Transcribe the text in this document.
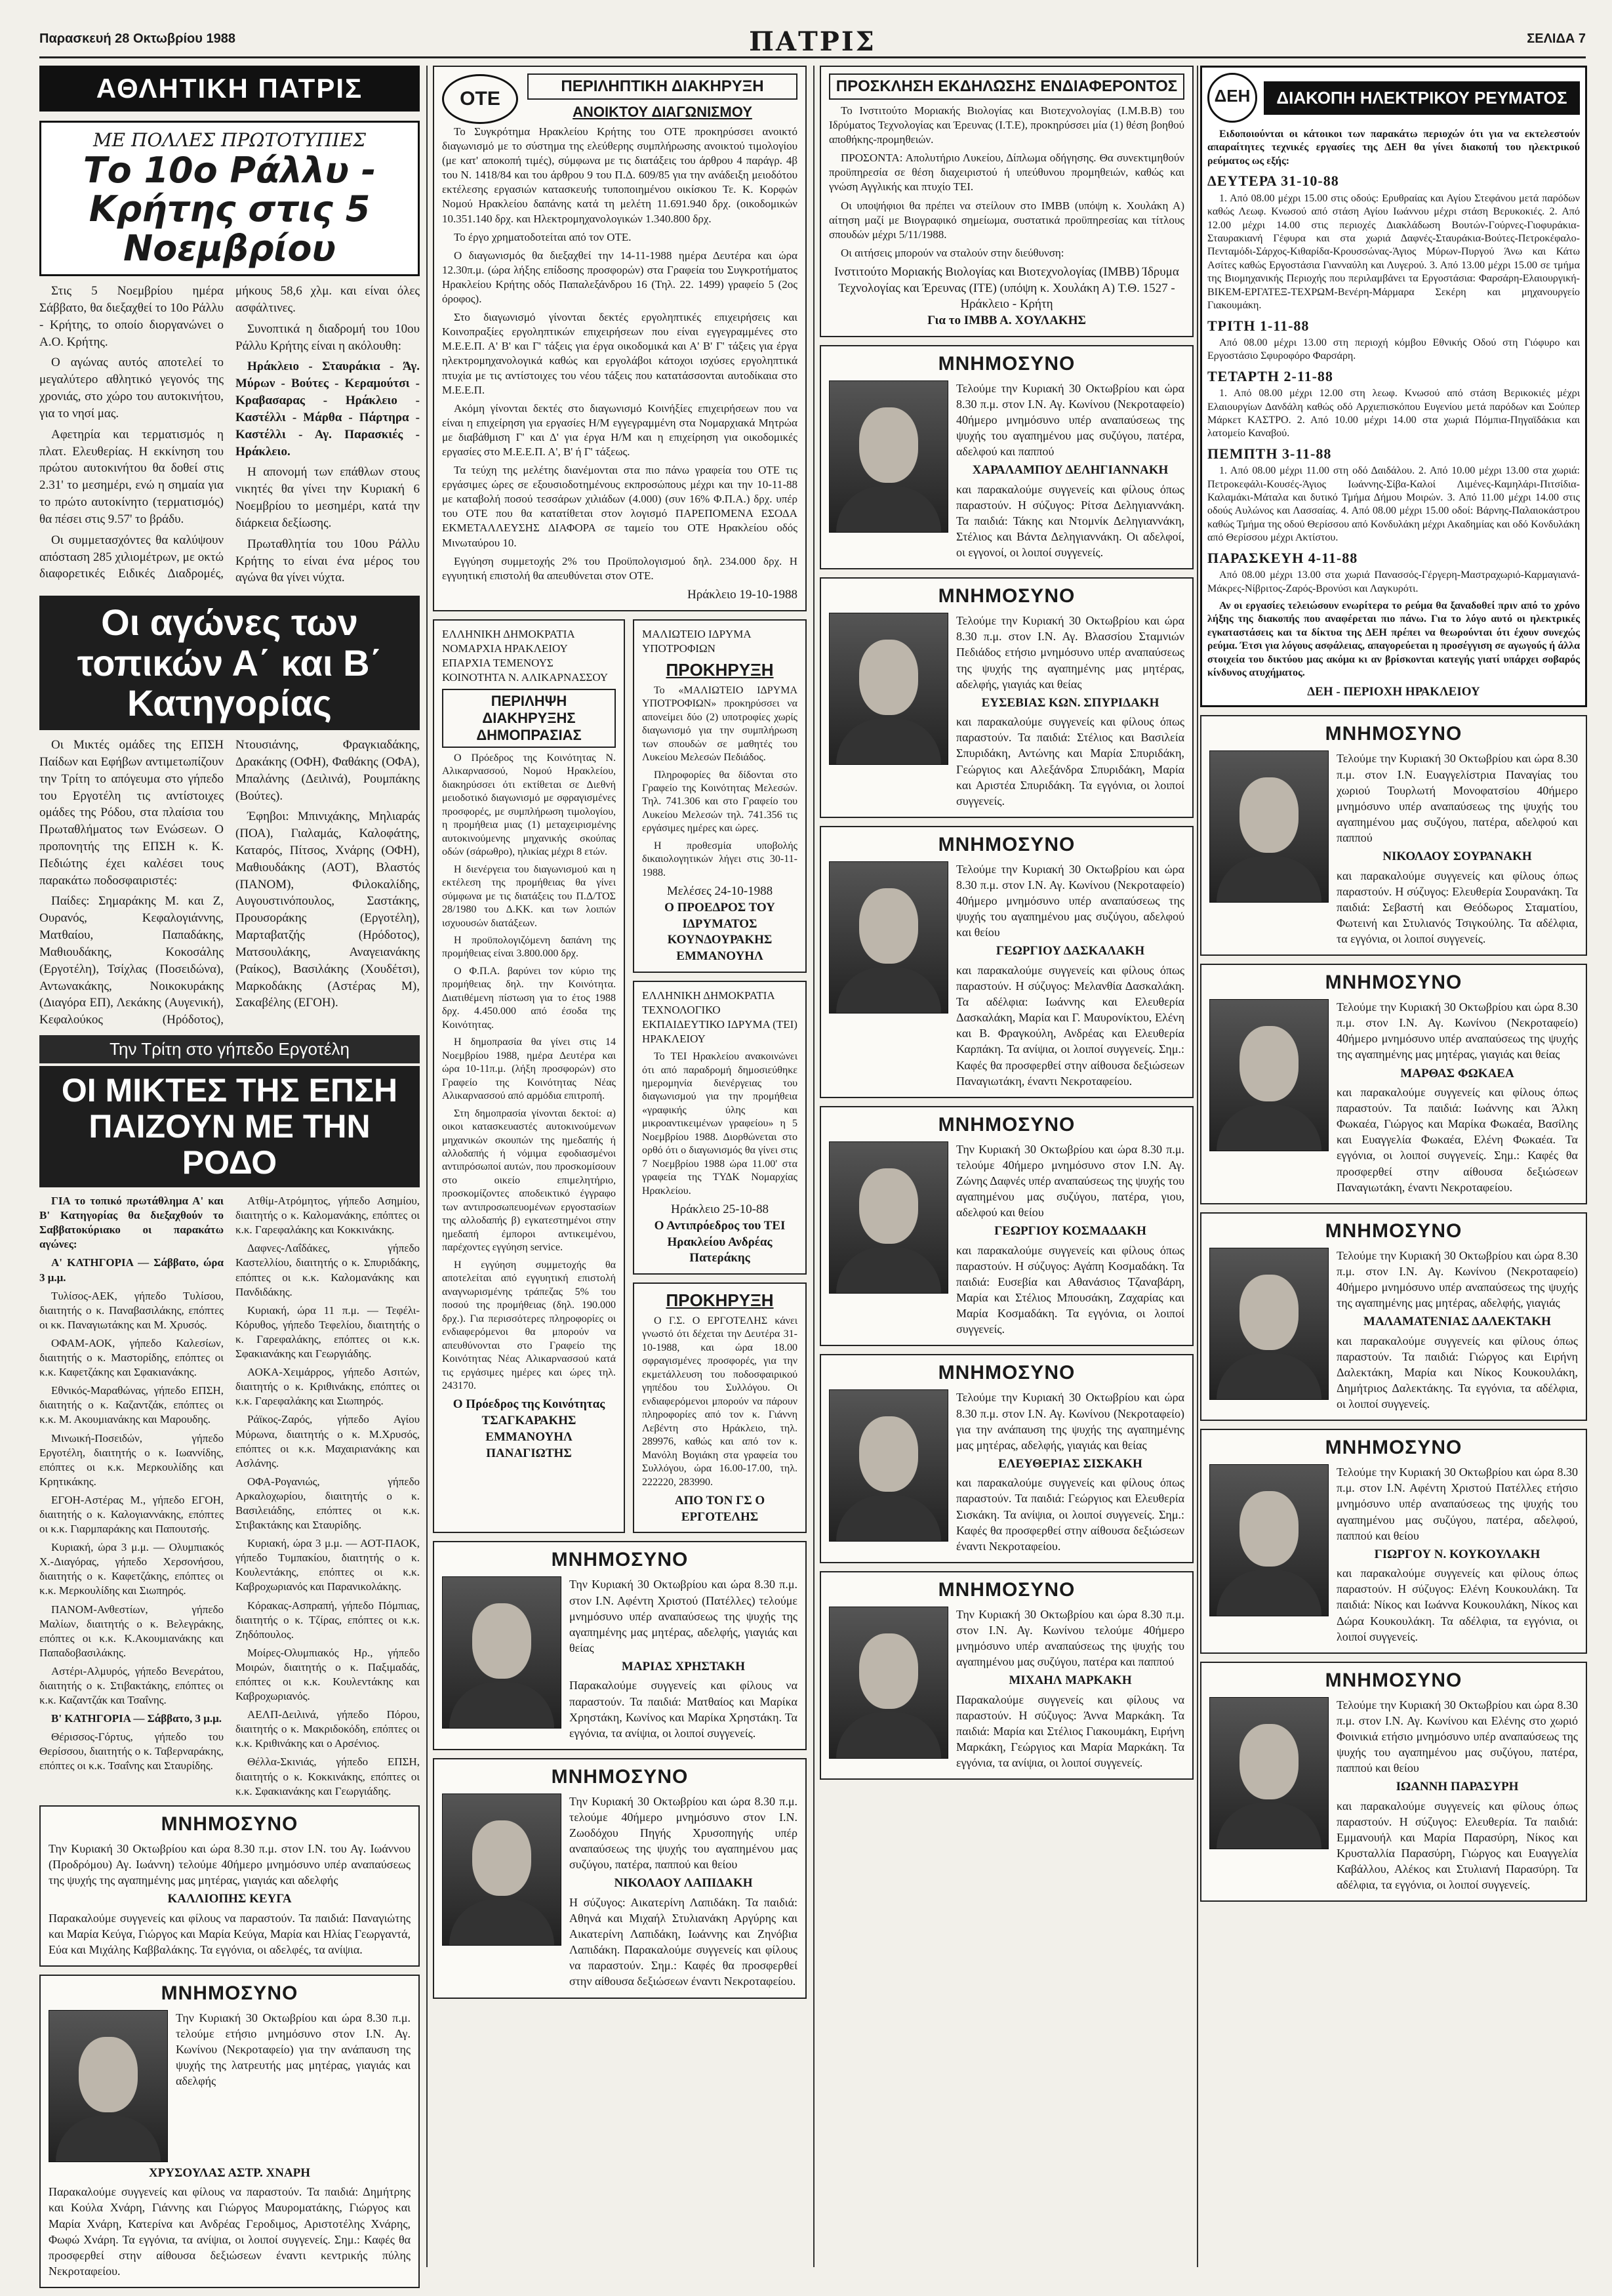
Παρασκευή 28 Οκτωβρίου 1988	ΠΑΤΡΙΣ	ΣΕΛΙΔΑ 7
ΑΘΛΗΤΙΚΗ ΠΑΤΡΙΣ
ΜΕ ΠΟΛΛΕΣ ΠΡΩΤΟΤΥΠΙΕΣ
Το 10ο Ράλλυ - Κρήτης στις 5 Νοεμβρίου

Στις 5 Νοεμβρίου ημέρα Σάββατο, θα διεξαχθεί το 10ο Ράλλυ - Κρήτης, το οποίο διοργανώνει ο Α.Ο. Κρήτης.

Ο αγώνας αυτός αποτελεί το μεγαλύτερο αθλητικό γεγονός της χρονιάς, στο χώρο του αυτοκινήτου, για το νησί μας.

Αφετηρία και τερματισμός η πλατ. Ελευθερίας. Η εκκίνηση του πρώτου αυτοκινήτου θα δοθεί στις 2.31' το μεσημέρι, ενώ η σημαία για το πρώτο αυτοκίνητο (τερματισμός) θα πέσει στις 9.57' το βράδυ.

Οι συμμετασχόντες θα καλύψουν απόσταση 285 χιλιομέτρων, με οκτώ διαφορετικές Ειδικές Διαδρομές, μήκους 58,6 χλμ. και είναι όλες ασφάλτινες.

Συνοπτικά η διαδρομή του 10ου Ράλλυ Κρήτης είναι η ακόλουθη:

Ηράκλειο - Σταυράκια - Άγ. Μύρων - Βούτες - Κεραμούτσι - Κραβασαρας - Ηράκλειο - Καστέλλι - Μάρθα - Πάρτηρα - Καστέλλι - Αγ. Παρασκιές - Ηράκλειο.

Η απονομή των επάθλων στους νικητές θα γίνει την Κυριακή 6 Νοεμβρίου το μεσημέρι, κατά την διάρκεια δεξίωσης.

Πρωταθλητία του 10ου Ράλλυ Κρήτης το είναι ένα μέρος του αγώνα θα γίνει νύχτα.

Οι αγώνες των τοπικών Α΄ και Β΄ Κατηγορίας

Οι Μικτές ομάδες της ΕΠΣΗ Παίδων και Εφήβων αντιμετωπίζουν την Τρίτη το απόγευμα στο γήπεδο του Εργοτέλη τις αντίστοιχες ομάδες της Ρόδου, στα πλαίσια του Πρωταθλήματος των Ενώσεων. Ο προπονητής της ΕΠΣΗ κ. Κ. Πεδιώτης έχει καλέσει τους παρακάτω ποδοσφαιριστές:

Παίδες: Σημαράκης Μ. και Ζ, Ουρανός, Κεφαλογιάννης, Ματθαίου, Παπαδάκης, Μαθιουδάκης, Κοκοσάλης (Εργοτέλη), Τσίχλας (Ποσειδώνα), Αντωνακάκης, Νοικοκυράκης (Διαγόρα ΕΠ), Λεκάκης (Αυγενική), Κεφαλούκος (Ηρόδοτος), Ντουσιάνης, Φραγκιαδάκης, Δρακάκης (ΟΦΗ), Φαθάκης (ΟΦΑ), Μπαλάνης (Δειλινά), Ρουμπάκης (Βούτες).

Έφηβοι: Μπινιχάκης, Μηλιαράς (ΠΟΑ), Γιαλαμάς, Καλοφάτης, Καταρός, Πίτσος, Χνάρης (ΟΦΗ), Μαθιουδάκης (ΑΟΤ), Βλαστός (ΠΑΝΟΜ), Φιλοκαλίδης, Αυγουστινόπουλος, Σαστάκης, Προυσοράκης (Εργοτέλη), Μαρταβατζής (Ηρόδοτος), Ματσουλάκης, Αναγειανάκης (Ραίκος), Βασιλάκης (Χουδέτσι), Μαρκοδάκης (Αστέρας Μ), Σακαβέλης (ΕΓΟΗ).

Την Τρίτη στο γήπεδο Εργοτέλη
ΟΙ ΜΙΚΤΕΣ ΤΗΣ ΕΠΣΗ ΠΑΙΖΟΥΝ ΜΕ ΤΗΝ ΡΟΔΟ

ΓΙΑ το τοπικό πρωτάθλημα Α' και Β' Κατηγορίας θα διεξαχθούν το Σαββατοκύριακο οι παρακάτω αγώνες:

Α' ΚΑΤΗΓΟΡΙΑ — Σάββατο, ώρα 3 μ.μ.

Τυλίσος-ΑΕΚ, γήπεδο Τυλίσου, διαιτητής ο κ. Παναβασιλάκης, επόπτες οι κκ. Παναγιωτάκης και Μ. Χρυσός.

ΟΦΑΜ-ΑΟΚ, γήπεδο Καλεσίων, διαιτητής ο κ. Μαστορίδης, επόπτες οι κ.κ. Καφετζάκης και Σφακιανάκης.

Εθνικός-Μαραθώνας, γήπεδο ΕΠΣΗ, διαιτητής ο κ. Καζαντζάκ, επόπτες οι κ.κ. Μ. Ακουμιανάκης και Μαρουδης.

Μινωική-Ποσειδών, γήπεδο Εργοτέλη, διαιτητής ο κ. Ιωαννίδης, επόπτες οι κ.κ. Μερκουλίδης και Κρητικάκης.

ΕΓΟΗ-Αστέρας Μ., γήπεδο ΕΓΟΗ, διαιτητής ο κ. Καλογιαννάκης, επόπτες οι κ.κ. Γιαρμπαράκης και Παπουτσής.

Κυριακή, ώρα 3 μ.μ. — Ολυμπιακός Χ.-Διαγόρας, γήπεδο Χερσονήσου, διαιτητής ο κ. Καφετζάκης, επόπτες οι κ.κ. Μερκουλίδης και Σιωπηρός.

ΠΑΝΟΜ-Ανθεστίων, γήπεδο Μαλίων, διαιτητής ο κ. Βελεγράκης, επόπτες οι κ.κ. Κ.Ακουμιανάκης και Παπαδοβασιλάκης.

Αστέρι-Αλμυρός, γήπεδο Βενεράτου, διαιτητής ο κ. Στιβακτάκης, επόπτες οι κ.κ. Καζαντζάκ και Τσαΐνης.

Β' ΚΑΤΗΓΟΡΙΑ — Σάββατο, 3 μ.μ.

Θέρισσος-Γόρτυς, γήπεδο του Θερίσσου, διαιτητής ο κ. Ταβερναράκης, επόπτες οι κ.κ. Τσαΐνης και Σταυρίδης.

Ατθίμ-Ατρόμητος, γήπεδο Ασημίου, διαιτητής ο κ. Καλομανάκης, επόπτες οι κ.κ. Γαρεφαλάκης και Κοκκινάκης.

Δαφνες-Λαΐδάκες, γήπεδο Καστελλίου, διαιτητής ο κ. Σπυριδάκης, επόπτες οι κ.κ. Καλομανάκης και Πανδιδάκης.

Κυριακή, ώρα 11 π.μ. — Τεφέλι-Κόρυθος, γήπεδο Τεφελίου, διαιτητής ο κ. Γαρεφαλάκης, επόπτες οι κ.κ. Σφακιανάκης και Γεωργιάδης.

ΑΟΚΑ-Χειμάρρος, γήπεδο Ασιτών, διαιτητής ο κ. Κριθινάκης, επόπτες οι κ.κ. Γαρεφαλάκης και Σιωπηρός.

Ράϊκος-Ζαρός, γήπεδο Αγίου Μύρωνα, διαιτητής ο κ. Μ.Χρυσός, επόπτες οι κ.κ. Μαχαιριανάκης και Ασλάνης.

ΟΦΑ-Ρογανιώς, γήπεδο Αρκαλοχωρίου, διαιτητής ο κ. Βασιλειάδης, επόπτες οι κ.κ. Στιβακτάκης και Σταυρίδης.

Κυριακή, ώρα 3 μ.μ. — ΑΟΤ-ΠΑΟΚ, γήπεδο Τυμπακίου, διαιτητής ο κ. Κουλεντάκης, επόπτες οι κ.κ. Καβροχωριανός και Παρανικολάκης.

Κόρακας-Ασπραπή, γήπεδο Πόμπιας, διαιτητής ο κ. Τζίρας, επόπτες οι κ.κ. Ζηδόπουλος.

Μοίρες-Ολυμπιακός Ηρ., γήπεδο Μοιρών, διαιτητής ο κ. Παξιμαδάς, επόπτες οι κ.κ. Κουλεντάκης και Καβροχωριανός.

ΑΕΛΠ-Δειλινά, γήπεδο Πόρου, διαιτητής ο κ. Μακριδοκόδη, επόπτες οι κ.κ. Κριθινάκης και ο Αρσένιος.

Θέλλα-Σκινιάς, γήπεδο ΕΠΣΗ, διαιτητής ο κ. Κοκκινάκης, επόπτες οι κ.κ. Σφακιανάκης και Γεωργιάδης.

ΜΝΗΜΟΣΥΝΟ

Την Κυριακή 30 Οκτωβρίου και ώρα 8.30 π.μ. στον Ι.Ν. του Αγ. Ιωάννου (Προδρόμου) Αγ. Ιωάννη) τελούμε 40ήμερο μνημόσυνο υπέρ αναπαύσεως της ψυχής της αγαπημένης μας μητέρας, γιαγιάς και αδελφής

ΚΑΛΛΙΟΠΗΣ ΚΕΥΓΑ

Παρακαλούμε συγγενείς και φίλους να παραστούν. Τα παιδιά: Παναγιώτης και Μαρία Κεύγα, Γιώργος και Μαρία Κεύγα, Μαρία και Ηλίας Γεωργαντά, Εύα και Μιχάλης Καββαλάκης. Τα εγγόνια, οι αδελφές, τα ανίψια.

ΜΝΗΜΟΣΥΝΟ

Την Κυριακή 30 Οκτωβρίου και ώρα 8.30 π.μ. τελούμε ετήσιο μνημόσυνο στον Ι.Ν. Αγ. Κωνίνου (Νεκροταφείο) για την ανάπαυση της ψυχής της λατρευτής μας μητέρας, γιαγιάς και αδελφής

ΧΡΥΣΟΥΛΑΣ ΑΣΤΡ. ΧΝΑΡΗ

Παρακαλούμε συγγενείς και φίλους να παραστούν. Τα παιδιά: Δημήτρης και Κούλα Χνάρη, Γιάννης και Γιώργος Μαυροματάκης, Γιώργος και Μαρία Χνάρη, Κατερίνα και Ανδρέας Γεροδιμος, Αριστοτέλης Χνάρης, Φωφώ Χνάρη. Τα εγγόνια, τα ανίψια, οι λοιποί συγγενείς. Σημ.: Καφές θα προσφερθεί στην αίθουσα δεξιώσεων έναντι κεντρικής πύλης Νεκροταφείου.

ΟΤΕ
ΠΕΡΙΛΗΠΤΙΚΗ ΔΙΑΚΗΡΥΞΗ
ΑΝΟΙΚΤΟΥ ΔΙΑΓΩΝΙΣΜΟΥ

Το Συγκρότημα Ηρακλείου Κρήτης του ΟΤΕ προκηρύσσει ανοικτό διαγωνισμό με το σύστημα της ελεύθερης συμπλήρωσης ανοικτού τιμολογίου (με κατ' αποκοπή τιμές), σύμφωνα με τις διατάξεις του άρθρου 4 παράγρ. 4β του Ν. 1418/84 και του άρθρου 9 του Π.Δ. 609/85 για την ανάδειξη μειοδότου εκτέλεσης εργασιών κατασκευής τυποποιημένου οικίσκου Τε. Κ. Κορφών Νομού Ηρακλείου δαπάνης κατά τη μελέτη 11.691.940 δρχ. (οικοδομικών 10.351.140 δρχ. και Ηλεκτρομηχανολογικών 1.340.800 δρχ.

Το έργο χρηματοδοτείται από τον ΟΤΕ.

Ο διαγωνισμός θα διεξαχθεί την 14-11-1988 ημέρα Δευτέρα και ώρα 12.30π.μ. (ώρα λήξης επίδοσης προσφορών) στα Γραφεία του Συγκροτήματος Ηρακλείου Κρήτης οδός Παπαλεξάνδρου 16 (Τηλ. 22. 1499) γραφείο 5 (2ος όροφος).

Στο διαγωνισμό γίνονται δεκτές εργοληπτικές επιχειρήσεις και Κοινοπραξίες εργοληπτικών επιχειρήσεων που είναι εγγεγραμμένες στο Μ.Ε.Ε.Π. Α' Β' και Γ' τάξεις για έργα οικοδομικά και Α' Β' Γ' τάξεις για έργα ηλεκτρομηχανολογικά καθώς και εργολάβοι κάτοχοι ισχύσες εργοληπτικά πτυχία με τις αντίστοιχες του νέου τάξεις που κατατάσσονται αυτοδίκαια στο Μ.Ε.Ε.Π.

Ακόμη γίνονται δεκτές στο διαγωνισμό Κοινήξίες επιχειρήσεων που να είναι η επιχείρηση για εργασίες Η/Μ εγγεγραμμένη στα Νομαρχιακά Μητρώα με διαβάθμιση Γ' και Δ' για έργα Η/Μ και η επιχείρηση για οικοδομικές εργασίες στο Μ.Ε.Ε.Π. Α', Β' ή Γ' τάξεως.

Τα τεύχη της μελέτης διανέμονται στα πιο πάνω γραφεία του ΟΤΕ τις εργάσιμες ώρες σε εξουσιοδοτημένους εκπροσώπους μέχρι και την 10-11-88 με καταβολή ποσού τεσσάρων χιλιάδων (4.000) (συν 16% Φ.Π.Α.) δρχ. υπέρ του ΟΤΕ που θα κατατίθεται στον λογισμό ΠΑΡΕΠΟΜΕΝΑ ΕΣΟΔΑ ΕΚΜΕΤΑΛΛΕΥΣΗΣ ΔΙΑΦΟΡΑ σε ταμείο του ΟΤΕ Ηρακλείου οδός Μινωταύρου 10.

Εγγύηση συμμετοχής 2% του Προϋπολογισμού δηλ. 234.000 δρχ. Η εγγυητική επιστολή θα απευθύνεται στον ΟΤΕ.

Ηράκλειο 19-10-1988
ΕΛΛΗΝΙΚΗ ΔΗΜΟΚΡΑΤΙΑ ΝΟΜΑΡΧΙΑ ΗΡΑΚΛΕΙΟΥ ΕΠΑΡΧΙΑ ΤΕΜΕΝΟΥΣ ΚΟΙΝΟΤΗΤΑ Ν. ΑΛΙΚΑΡΝΑΣΣΟΥ
ΠΕΡΙΛΗΨΗ ΔΙΑΚΗΡΥΞΗΣ ΔΗΜΟΠΡΑΣΙΑΣ

Ο Πρόεδρος της Κοινότητας Ν. Αλικαρνασσού, Νομού Ηρακλείου, διακηρύσσει ότι εκτίθεται σε Διεθνή μειοδοτικό διαγωνισμό με σφραγισμένες προσφορές, με συμπλήρωση τιμολογίου, η προμήθεια μιας (1) μεταχειρισμένης αυτοκινούμενης μηχανικής σκούπας οδών (σάρωθρο), ηλικίας μέχρι 8 ετών.

Η διενέργεια του διαγωνισμού και η εκτέλεση της προμήθειας θα γίνει σύμφωνα με τις διατάξεις του Π.Δ/ΤΟΣ 28/1980 του Δ.ΚΚ. και των λοιπών ισχυουσών διατάξεων.

Η προϋπολογιζόμενη δαπάνη της προμήθειας είναι 3.800.000 δρχ.

Ο Φ.Π.Α. βαρύνει τον κύριο της προμήθειας δηλ. την Κοινότητα. Διατιθέμενη πίστωση για το έτος 1988 δρχ. 4.450.000 από έσοδα της Κοινότητας.

Η δημοπρασία θα γίνει στις 14 Νοεμβρίου 1988, ημέρα Δευτέρα και ώρα 10-11π.μ. (λήξη προσφορών) στο Γραφείο της Κοινότητας Νέας Αλικαρνασσού από αρμόδια επιτροπή.

Στη δημοπρασία γίνονται δεκτοί: α) οικοι κατασκευαστές αυτοκινούμενων μηχανικών σκουπών της ημεδαπής ή αλλοδαπής ή νόμιμα εφοδιασμένοι αντιπρόσωποί αυτών, που προσκομίσουν στο οικείο επιμελητήριο, προσκομίζοντες αποδεικτικό έγγραφο των αντιπροσωπευομένων εργοστασίων της αλλοδαπής β) εγκατεστημένοι στην ημεδαπή έμποροι αντικειμένου, παρέχοντες εγγύηση service.

Η εγγύηση συμμετοχής θα αποτελείται από εγγυητική επιστολή αναγνωρισμένης τράπεζας 5% του ποσού της προμήθειας (δηλ. 190.000 δρχ.). Για περισσότερες πληροφορίες οι ενδιαφερόμενοι θα μπορούν να απευθύνονται στο Γραφείο της Κοινότητας Νέας Αλικαρνασσού κατά τις εργάσιμες ημέρες και ώρες τηλ. 243170.

Ο Πρόεδρος της Κοινότητας ΤΣΑΓΚΑΡΑΚΗΣ ΕΜΜΑΝΟΥΗΛ ΠΑΝΑΓΙΩΤΗΣ
ΜΑΛΙΩΤΕΙΟ ΙΔΡΥΜΑ ΥΠΟΤΡΟΦΙΩΝ
ΠΡΟΚΗΡΥΞΗ

Το «ΜΑΛΙΩΤΕΙΟ ΙΔΡΥΜΑ ΥΠΟΤΡΟΦΙΩΝ» προκηρύσσει να απονείμει δύο (2) υποτροφίες χωρίς διαγωνισμό για την συμπλήρωση των σπουδών σε μαθητές του Λυκείου Μελεσών Πεδιάδος.

Πληροφορίες θα δίδονται στο Γραφείο της Κοινότητας Μελεσών. Τηλ. 741.306 και στο Γραφείο του Λυκείου Μελεσών τηλ. 741.356 τις εργάσιμες ημέρες και ώρες.

Η προθεσμία υποβολής δικαιολογητικών λήγει στις 30-11-1988.

Μελέσες 24-10-1988
Ο ΠΡΟΕΔΡΟΣ ΤΟΥ ΙΔΡΥΜΑΤΟΣ ΚΟΥΝΔΟΥΡΑΚΗΣ ΕΜΜΑΝΟΥΗΛ
ΕΛΛΗΝΙΚΗ ΔΗΜΟΚΡΑΤΙΑ ΤΕΧΝΟΛΟΓΙΚΟ ΕΚΠΑΙΔΕΥΤΙΚΟ ΙΔΡΥΜΑ (ΤΕΙ) ΗΡΑΚΛΕΙΟΥ

Το ΤΕΙ Ηρακλείου ανακοινώνει ότι από παραδρομή δημοσιεύθηκε ημερομηνία διενέργειας του διαγωνισμού για την προμήθεια «γραφικής ύλης και μικροαντικειμένων γραφείου» η 5 Νοεμβρίου 1988. Διορθώνεται στο ορθό ότι ο διαγωνισμός θα γίνει στις 7 Νοεμβρίου 1988 ώρα 11.00' στα γραφεία της ΤΥΔΚ Νομαρχίας Ηρακλείου.

Ηράκλειο 25-10-88
Ο Αντιπρόεδρος του ΤΕΙ Ηρακλείου Ανδρέας Πατεράκης
ΠΡΟΚΗΡΥΞΗ

Ο Γ.Σ. Ο ΕΡΓΟΤΕΛΗΣ κάνει γνωστό ότι δέχεται την Δευτέρα 31-10-1988, και ώρα 18.00 σφραγισμένες προσφορές, για την εκμετάλλευση του ποδοσφαιρικού γηπέδου του Συλλόγου. Οι ενδιαφερόμενοι μπορούν να πάρουν πληροφορίες από τον κ. Γιάννη Λεβέντη στο Ηράκλειο, τηλ. 289976, καθώς και από τον κ. Μανόλη Βογιάκη στα γραφεία του Συλλόγου, ώρα 16.00-17.00, τηλ. 222220, 283990.

ΑΠΟ ΤΟΝ ΓΣ Ο ΕΡΓΟΤΕΛΗΣ
ΜΝΗΜΟΣΥΝΟ

Την Κυριακή 30 Οκτωβρίου και ώρα 8.30 π.μ. στον Ι.Ν. Αφέντη Χριστού (Πατέλλες) τελούμε μνημόσυνο υπέρ αναπαύσεως της ψυχής της αγαπημένης μας μητέρας, αδελφής, γιαγιάς και θείας

ΜΑΡΙΑΣ ΧΡΗΣΤΑΚΗ

Παρακαλούμε συγγενείς και φίλους να παραστούν. Τα παιδιά: Ματθαίος και Μαρίκα Χρηστάκη, Κωνίνος και Μαρίκα Χρηστάκη. Τα εγγόνια, τα ανίψια, οι λοιποί συγγενείς.

ΜΝΗΜΟΣΥΝΟ

Την Κυριακή 30 Οκτωβρίου και ώρα 8.30 π.μ. τελούμε 40ήμερο μνημόσυνο στον Ι.Ν. Ζωοδόχου Πηγής Χρυσοπηγής υπέρ αναπαύσεως της ψυχής του αγαπημένου μας συζύγου, πατέρα, παππού και θείου

ΝΙΚΟΛΑΟΥ ΛΑΠΙΔΑΚΗ

Η σύζυγος: Αικατερίνη Λαπιδάκη. Τα παιδιά: Αθηνά και Μιχαήλ Στυλιανάκη Αργύρης και Αικατερίνη Λαπιδάκη, Ιωάννης και Ζηνόβια Λαπιδάκη. Παρακαλούμε συγγενείς και φίλους να παραστούν. Σημ.: Καφές θα προσφερθεί στην αίθουσα δεξιώσεων έναντι Νεκροταφείου.

ΠΡΟΣΚΛΗΣΗ ΕΚΔΗΛΩΣΗΣ ΕΝΔΙΑΦΕΡΟΝΤΟΣ

Το Ινστιτούτο Μοριακής Βιολογίας και Βιοτεχνολογίας (Ι.Μ.Β.Β) του Ιδρύματος Τεχνολογίας και Έρευνας (Ι.Τ.Ε), προκηρύσσει μία (1) θέση βοηθού αποθήκης-προμηθειών.

ΠΡΟΣΟΝΤΑ: Απολυτήριο Λυκείου, Δίπλωμα οδήγησης. Θα συνεκτιμηθούν προϋπηρεσία σε θέση διαχειριστού ή υπεύθυνου προμηθειών, καθώς και γνώση Αγγλικής και πτυχίο ΤΕΙ.

Οι υποψήφιοι θα πρέπει να στείλουν στο ΙΜΒΒ (υπόψη κ. Χουλάκη Α) αίτηση μαζί με Βιογραφικό σημείωμα, συστατικά προϋπηρεσίας και τίτλους σπουδών μέχρι 5/11/1988.

Οι αιτήσεις μπορούν να σταλούν στην διεύθυνση:

Ινστιτούτο Μοριακής Βιολογίας και Βιοτεχνολογίας (ΙΜΒΒ) Ίδρυμα Τεχνολογίας και Έρευνας (ΙΤΕ) (υπόψη κ. Χουλάκη Α) Τ.Θ. 1527 - Ηράκλειο - Κρήτη
Για το ΙΜΒΒ Α. ΧΟΥΛΑΚΗΣ
ΜΝΗΜΟΣΥΝΟ

Τελούμε την Κυριακή 30 Οκτωβρίου και ώρα 8.30 π.μ. στον Ι.Ν. Αγ. Κωνίνου (Νεκροταφείο) 40ήμερο μνημόσυνο υπέρ αναπαύσεως της ψυχής του αγαπημένου μας συζύγου, πατέρα, αδελφού και παππού

ΧΑΡΑΛΑΜΠΟΥ ΔΕΛΗΓΙΑΝΝΑΚΗ

και παρακαλούμε συγγενείς και φίλους όπως παραστούν. Η σύζυγος: Ρίτσα Δεληγιαννάκη. Τα παιδιά: Τάκης και Ντομνίκ Δεληγιαννάκη, Στέλιος και Βάντα Δεληγιαννάκη. Οι αδελφοί, οι εγγονοί, οι λοιποί συγγενείς.

ΜΝΗΜΟΣΥΝΟ

Τελούμε την Κυριακή 30 Οκτωβρίου και ώρα 8.30 π.μ. στον Ι.Ν. Αγ. Βλασσίου Σταμνιών Πεδιάδος ετήσιο μνημόσυνο υπέρ αναπαύσεως της ψυχής της αγαπημένης μας μητέρας, αδελφής, γιαγιάς και θείας

ΕΥΣΕΒΙΑΣ ΚΩΝ. ΣΠΥΡΙΔΑΚΗ

και παρακαλούμε συγγενείς και φίλους όπως παραστούν. Τα παιδιά: Στέλιος και Βασιλεία Σπυριδάκη, Αντώνης και Μαρία Σπυριδάκη, Γεώργιος και Αλεξάνδρα Σπυριδάκη, Μαρία και Αριστέα Σπυριδάκη. Τα εγγόνια, οι λοιποί συγγενείς.

ΜΝΗΜΟΣΥΝΟ

Τελούμε την Κυριακή 30 Οκτωβρίου και ώρα 8.30 π.μ. στον Ι.Ν. Αγ. Κωνίνου (Νεκροταφείο) 40ήμερο μνημόσυνο υπέρ αναπαύσεως της ψυχής του αγαπημένου μας συζύγου, αδελφού και θείου

ΓΕΩΡΓΙΟΥ ΔΑΣΚΑΛΑΚΗ

και παρακαλούμε συγγενείς και φίλους όπως παραστούν. Η σύζυγος: Μελανθία Δασκαλάκη. Τα αδέλφια: Ιωάννης και Ελευθερία Δασκαλάκη, Μαρία και Γ. Μαυρονίκτου, Ελένη και Β. Φραγκούλη, Ανδρέας και Ελευθερία Καρπάκη. Τα ανίψια, οι λοιποί συγγενείς. Σημ.: Καφές θα προσφερθεί στην αίθουσα δεξιώσεων Παναγιωτάκη, έναντι Νεκροταφείου.

ΜΝΗΜΟΣΥΝΟ

Την Κυριακή 30 Οκτωβρίου και ώρα 8.30 π.μ. τελούμε 40ήμερο μνημόσυνο στον Ι.Ν. Αγ. Ζώνης Δαφνές υπέρ αναπαύσεως της ψυχής του αγαπημένου μας συζύγου, πατέρα, γιου, αδελφού και θείου

ΓΕΩΡΓΙΟΥ ΚΟΣΜΑΔΑΚΗ

και παρακαλούμε συγγενείς και φίλους όπως παραστούν. Η σύζυγος: Αγάπη Κοσμαδάκη. Τα παιδιά: Ευσεβία και Αθανάσιος Τζαναβάρη, Μαρία και Στέλιος Μπουσάκη, Ζαχαρίας και Μαρία Κοσμαδάκη. Τα εγγόνια, οι λοιποί συγγενείς.

ΜΝΗΜΟΣΥΝΟ

Τελούμε την Κυριακή 30 Οκτωβρίου και ώρα 8.30 π.μ. στον Ι.Ν. Αγ. Κωνίνου (Νεκροταφείο) για την ανάπαυση της ψυχής της αγαπημένης μας μητέρας, αδελφής, γιαγιάς και θείας

ΕΛΕΥΘΕΡΙΑΣ ΣΙΣΚΑΚΗ

και παρακαλούμε συγγενείς και φίλους όπως παραστούν. Τα παιδιά: Γεώργιος και Ελευθερία Σισκάκη. Τα ανίψια, οι λοιποί συγγενείς. Σημ.: Καφές θα προσφερθεί στην αίθουσα δεξιώσεων έναντι Νεκροταφείου.

ΜΝΗΜΟΣΥΝΟ

Την Κυριακή 30 Οκτωβρίου και ώρα 8.30 π.μ. στον Ι.Ν. Αγ. Κωνίνου τελούμε 40ήμερο μνημόσυνο υπέρ αναπαύσεως της ψυχής του αγαπημένου μας συζύγου, πατέρα και παππού

ΜΙΧΑΗΛ ΜΑΡΚΑΚΗ

Παρακαλούμε συγγενείς και φίλους να παραστούν. Η σύζυγος: Άννα Μαρκάκη. Τα παιδιά: Μαρία και Στέλιος Γιακουμάκη, Ειρήνη Μαρκάκη, Γεώργιος και Μαρία Μαρκάκη. Τα εγγόνια, τα ανίψια, οι λοιποί συγγενείς.

ΔΕΗ	ΔΙΑΚΟΠΗ ΗΛΕΚΤΡΙΚΟΥ ΡΕΥΜΑΤΟΣ

Ειδοποιούνται οι κάτοικοι των παρακάτω περιοχών ότι για να εκτελεστούν απαραίτητες τεχνικές εργασίες της ΔΕΗ θα γίνει διακοπή του ηλεκτρικού ρεύματος ως εξής:

ΔΕΥΤΕΡΑ 31-10-88

1. Από 08.00 μέχρι 15.00 στις οδούς: Ερυθραίας και Αγίου Στεφάνου μετά παρόδων καθώς Λεωφ. Κνωσού από στάση Αγίου Ιωάννου μέχρι στάση Βερυκοκιές. 2. Από 12.00 μέχρι 14.00 στις περιοχές Διακλάδωση Βουτών-Γούρνες-Γιοφυράκια-Σταυρακιανή Γέφυρα και στα χωριά Δαφνές-Σταυράκια-Βούτες-Πετροκέφαλο-Πενταμόδι-Σάρχος-Κιθαρίδα-Κρουσσώνας-Άγιος Μύρων-Πυργού Άνω και Κάτω Ασίτες καθώς Εργοστάσια Γιανναύλη και Λυγερού. 3. Από 13.00 μέχρι 15.00 σε τμήμα της Βιομηχανικής Περιοχής που περιλαμβάνει τα Εργοστάσια: Φαρσάρη-Ελαιουργική-ΒΙΚΕΜ-ΕΡΓΑΤΕΞ-ΤΕΧΡΩΜ-Βενέρη-Μάρμαρα Σεκέρη και μηχανουργείο Γιακουμάκη.

ΤΡΙΤΗ 1-11-88

Από 08.00 μέχρι 13.00 στη περιοχή κόμβου Εθνικής Οδού στη Γιόφυρο και Εργοστάσιο Σφυροφόρο Φαρσάρη.

ΤΕΤΑΡΤΗ 2-11-88

1. Από 08.00 μέχρι 12.00 στη λεωφ. Κνωσού από στάση Βερικοκιές μέχρι Ελαιουργίων Δανδάλη καθώς οδό Αρχιεπισκόπου Ευγενίου μετά παρόδων και Σούπερ Μάρκετ ΚΑΣΤΡΟ. 2. Από 10.00 μέχρι 14.00 στα χωριά Πόμπια-Πηγαϊδάκια και λατομείο Καναβού.

ΠΕΜΠΤΗ 3-11-88

1. Από 08.00 μέχρι 11.00 στη οδό Δαιδάλου. 2. Από 10.00 μέχρι 13.00 στα χωριά: Πετροκεφάλι-Κουσές-Άγιος Ιωάννης-Σίβα-Καλοί Λιμένες-Καμηλάρι-Πιτσίδια-Καλαμάκι-Μάταλα και δυτικό Τμήμα Δήμου Μοιρών. 3. Από 11.00 μέχρι 14.00 στις οδούς Αυλώνος και Λασσαίας. 4. Από 08.00 μέχρι 15.00 οδοί: Βάρνης-Παλαιοκάστρου καθώς Τμήμα της οδού Θερίσσου από Κονδυλάκη μέχρι Ακαδημίας και οδό Κονδυλάκη από Θερίσσου μέχρι Ακτίστου.

ΠΑΡΑΣΚΕΥΗ 4-11-88

Από 08.00 μέχρι 13.00 στα χωριά Πανασσός-Γέργερη-Μαστραχωριό-Καρμαγιανά-Μάκρες-Νίβριτος-Ζαρός-Βρονύσι και Λαγκυρότι.

Αν οι εργασίες τελειώσουν ενωρίτερα το ρεύμα θα ξαναδοθεί πριν από το χρόνο λήξης της διακοπής που αναφέρεται πιο πάνω. Για το λόγο αυτό οι ηλεκτρικές εγκαταστάσεις και τα δίκτυα της ΔΕΗ πρέπει να θεωρούνται ότι έχουν συνεχώς ρεύμα. Έτσι για λόγους ασφάλειας, απαγορεύεται η προσέγγιση σε αγωγούς ή άλλα στοιχεία του δικτύου μας ακόμα κι αν βρίσκονται κατεγής γιατί υπάρχει σοβαρός κίνδυνος ατυχήματος.

ΔΕΗ - ΠΕΡΙΟΧΗ ΗΡΑΚΛΕΙΟΥ
ΜΝΗΜΟΣΥΝΟ

Τελούμε την Κυριακή 30 Οκτωβρίου και ώρα 8.30 π.μ. στον Ι.Ν. Ευαγγελίστρια Παναγίας του χωριού Τουρλωτή Μονοφατσίου 40ήμερο μνημόσυνο υπέρ αναπαύσεως της ψυχής του αγαπημένου μας συζύγου, πατέρα, αδελφού και παππού

ΝΙΚΟΛΑΟΥ ΣΟΥΡΑΝΑΚΗ

και παρακαλούμε συγγενείς και φίλους όπως παραστούν. Η σύζυγος: Ελευθερία Σουρανάκη. Τα παιδιά: Σεβαστή και Θεόδωρος Σταματίου, Φωτεινή και Στυλιανός Τσιγκούλης. Τα αδέλφια, τα εγγόνια, οι λοιποί συγγενείς.

ΜΝΗΜΟΣΥΝΟ

Τελούμε την Κυριακή 30 Οκτωβρίου και ώρα 8.30 π.μ. στον Ι.Ν. Αγ. Κωνίνου (Νεκροταφείο) 40ήμερο μνημόσυνο υπέρ αναπαύσεως της ψυχής της αγαπημένης μας μητέρας, γιαγιάς και θείας

ΜΑΡΘΑΣ ΦΩΚΑΕΑ

και παρακαλούμε συγγενείς και φίλους όπως παραστούν. Τα παιδιά: Ιωάννης και Άλκη Φωκαέα, Γιώργος και Μαρίκα Φωκαέα, Βασίλης και Ευαγγελία Φωκαέα, Ελένη Φωκαέα. Τα εγγόνια, οι λοιποί συγγενείς. Σημ.: Καφές θα προσφερθεί στην αίθουσα δεξιώσεων Παναγιωτάκη, έναντι Νεκροταφείου.

ΜΝΗΜΟΣΥΝΟ

Τελούμε την Κυριακή 30 Οκτωβρίου και ώρα 8.30 π.μ. στον Ι.Ν. Αγ. Κωνίνου (Νεκροταφείο) 40ήμερο μνημόσυνο υπέρ αναπαύσεως της ψυχής της αγαπημένης μας μητέρας, αδελφής, γιαγιάς

ΜΑΛΑΜΑΤΕΝΙΑΣ ΔΑΛΕΚΤΑΚΗ

και παρακαλούμε συγγενείς και φίλους όπως παραστούν. Τα παιδιά: Γιώργος και Ειρήνη Δαλεκτάκη, Μαρία και Νίκος Κουκουλάκη, Δημήτριος Δαλεκτάκης. Τα εγγόνια, τα αδέλφια, οι λοιποί συγγενείς.

ΜΝΗΜΟΣΥΝΟ

Τελούμε την Κυριακή 30 Οκτωβρίου και ώρα 8.30 π.μ. στον Ι.Ν. Αφέντη Χριστού Πατέλλες ετήσιο μνημόσυνο υπέρ αναπαύσεως της ψυχής του αγαπημένου μας συζύγου, πατέρα, αδελφού, παππού και θείου

ΓΙΩΡΓΟΥ Ν. ΚΟΥΚΟΥΛΑΚΗ

και παρακαλούμε συγγενείς και φίλους όπως παραστούν. Η σύζυγος: Ελένη Κουκουλάκη. Τα παιδιά: Νίκος και Ιωάννα Κουκουλάκη, Νίκος και Δώρα Κουκουλάκη. Τα αδέλφια, τα εγγόνια, οι λοιποί συγγενείς.

ΜΝΗΜΟΣΥΝΟ

Τελούμε την Κυριακή 30 Οκτωβρίου και ώρα 8.30 π.μ. στον Ι.Ν. Αγ. Κωνίνου και Ελένης στο χωριό Φοινικιά ετήσιο μνημόσυνο υπέρ αναπαύσεως της ψυχής του αγαπημένου μας συζύγου, πατέρα, παππού και θείου

ΙΩΑΝΝΗ ΠΑΡΑΣΥΡΗ

και παρακαλούμε συγγενείς και φίλους όπως παραστούν. Η σύζυγος: Ελευθερία. Τα παιδιά: Εμμανουήλ και Μαρία Παρασύρη, Νίκος και Κρυσταλλία Παρασύρη, Γιώργος και Ευαγγελία Καβάλλου, Αλέκος και Στυλιανή Παρασύρη. Τα αδέλφια, τα εγγόνια, οι λοιποί συγγενείς.
